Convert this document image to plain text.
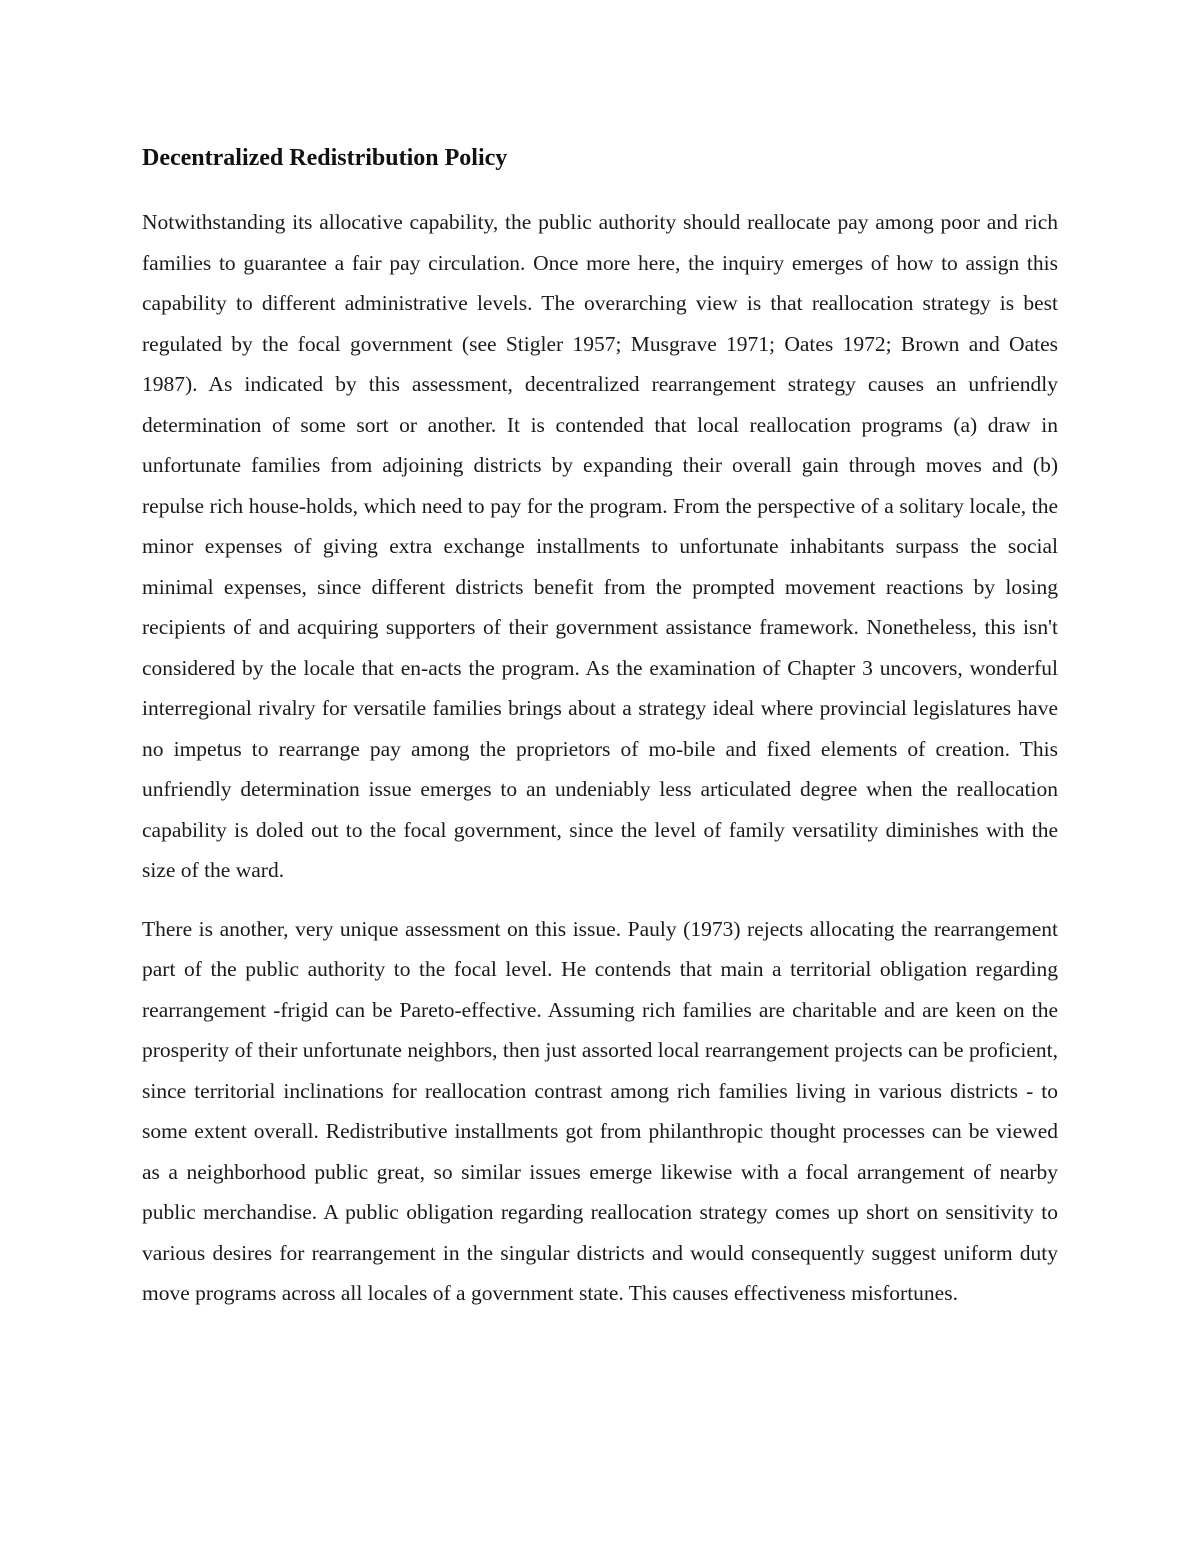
Decentralized Redistribution Policy

Notwithstanding its allocative capability, the public authority should reallocate pay among poor and rich families to guarantee a fair pay circulation. Once more here, the inquiry emerges of how to assign this capability to different administrative levels. The overarching view is that reallocation strategy is best regulated by the focal government (see Stigler 1957; Musgrave 1971; Oates 1972; Brown and Oates 1987). As indicated by this assessment, decentralized rearrangement strategy causes an unfriendly determination of some sort or another. It is contended that local reallocation programs (a) draw in unfortunate families from adjoining districts by expanding their overall gain through moves and (b) repulse rich house-holds, which need to pay for the program. From the perspective of a solitary locale, the minor expenses of giving extra exchange installments to unfortunate inhabitants surpass the social minimal expenses, since different districts benefit from the prompted movement reactions by losing recipients of and acquiring supporters of their government assistance framework. Nonetheless, this isn't considered by the locale that en-acts the program. As the examination of Chapter 3 uncovers, wonderful interregional rivalry for versatile families brings about a strategy ideal where provincial legislatures have no impetus to rearrange pay among the proprietors of mo-bile and fixed elements of creation. This unfriendly determination issue emerges to an undeniably less articulated degree when the reallocation capability is doled out to the focal government, since the level of family versatility diminishes with the size of the ward.

There is another, very unique assessment on this issue. Pauly (1973) rejects allocating the rearrangement part of the public authority to the focal level. He contends that main a territorial obligation regarding rearrangement -frigid can be Pareto-effective. Assuming rich families are charitable and are keen on the prosperity of their unfortunate neighbors, then just assorted local rearrangement projects can be proficient, since territorial inclinations for reallocation contrast among rich families living in various districts - to some extent overall. Redistributive installments got from philanthropic thought processes can be viewed as a neighborhood public great, so similar issues emerge likewise with a focal arrangement of nearby public merchandise. A public obligation regarding reallocation strategy comes up short on sensitivity to various desires for rearrangement in the singular districts and would consequently suggest uniform duty move programs across all locales of a government state. This causes effectiveness misfortunes.
